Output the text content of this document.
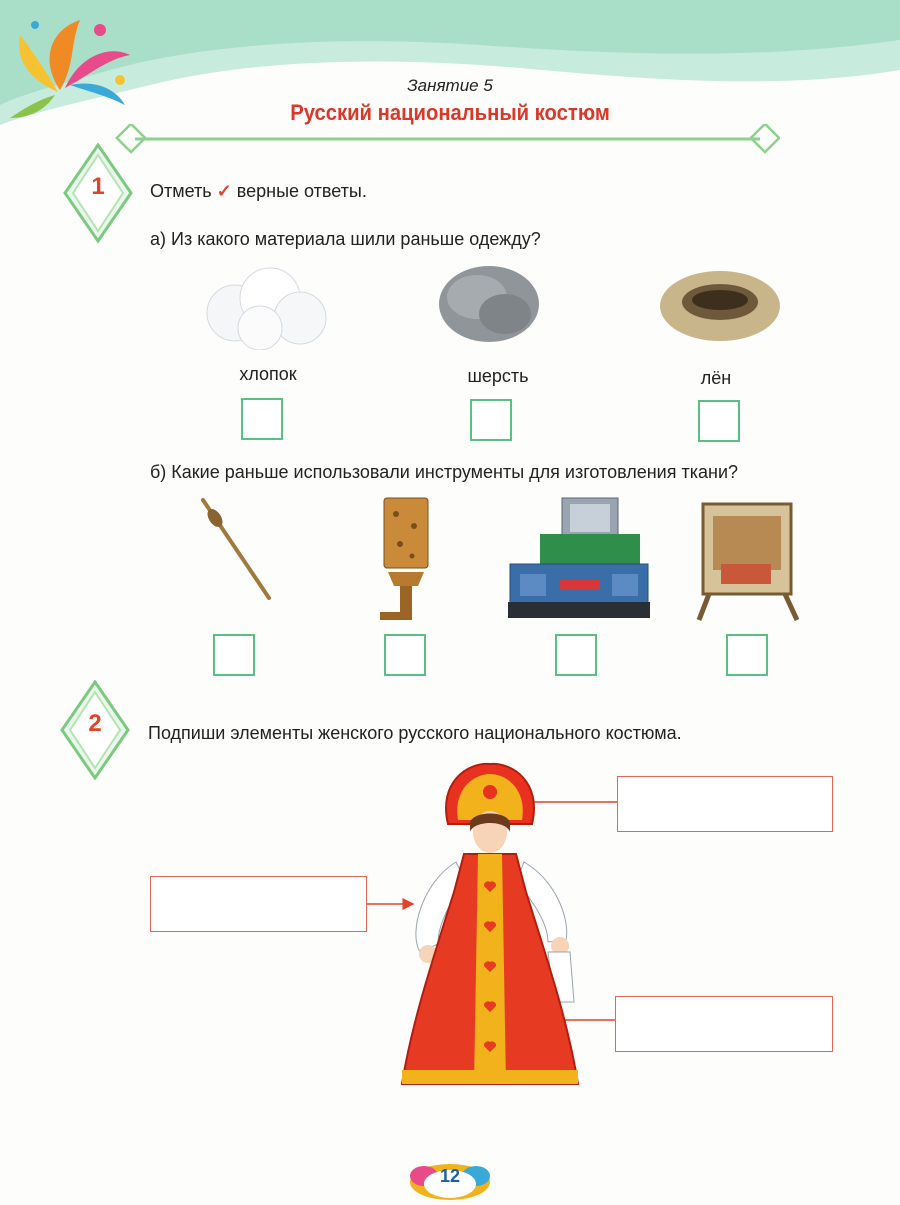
Занятие 5
Русский национальный костюм
1	Отметь ✓ верные ответы.
а) Из какого материала шили раньше одежду?
хлопок	шерсть	лён
б) Какие раньше использовали инструменты для изготовления ткани?
2	Подпиши элементы женского русского национального костюма.
12
